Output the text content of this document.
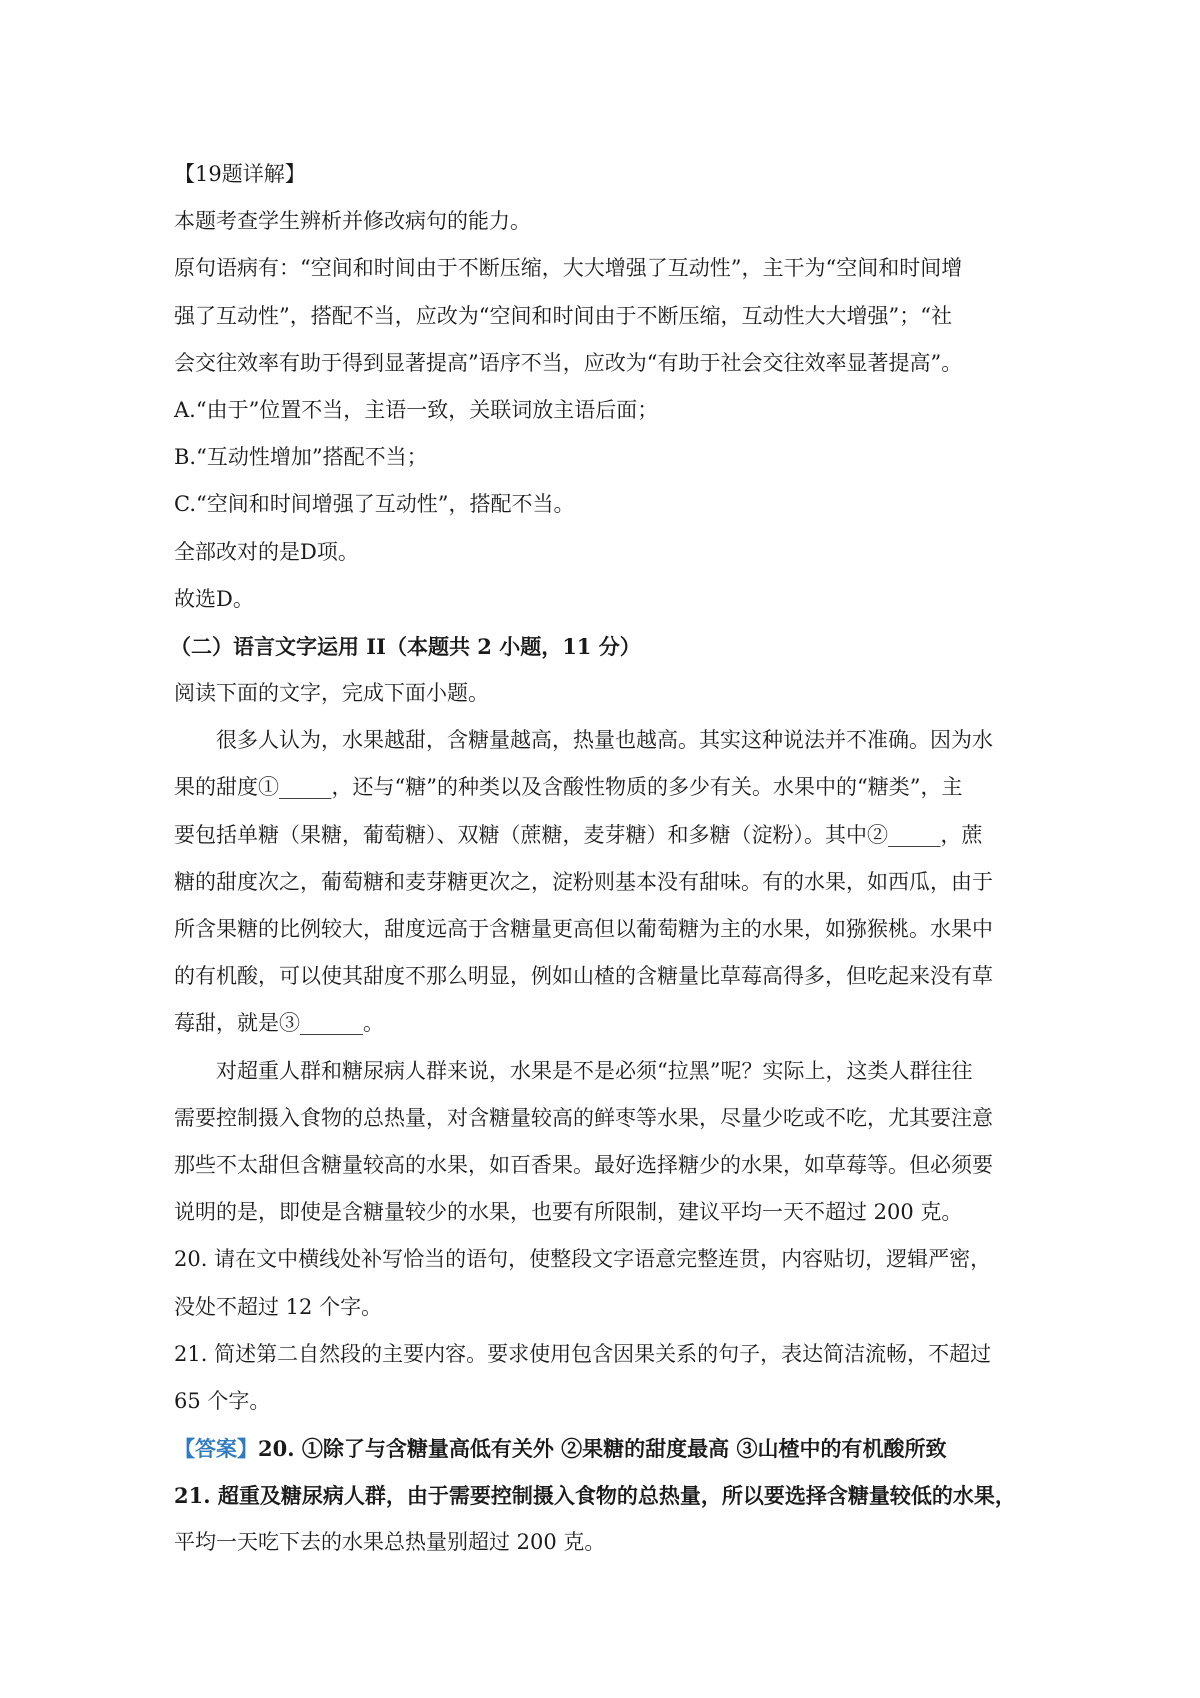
【19题详解】

本题考查学生辨析并修改病句的能力。

原句语病有：“空间和时间由于不断压缩，大大增强了互动性”，主干为“空间和时间增

强了互动性”，搭配不当，应改为“空间和时间由于不断压缩，互动性大大增强”；“社

会交往效率有助于得到显著提高”语序不当，应改为“有助于社会交往效率显著提高”。

A.“由于”位置不当，主语一致，关联词放主语后面；

B.“互动性增加”搭配不当；

C.“空间和时间增强了互动性”，搭配不当。

全部改对的是D项。

故选D。

（二）语言文字运用 II（本题共 2 小题，11 分）

阅读下面的文字，完成下面小题。

很多人认为，水果越甜，含糖量越高，热量也越高。其实这种说法并不准确。因为水

果的甜度①_____，还与“糖”的种类以及含酸性物质的多少有关。水果中的“糖类”，主

要包括单糖（果糖，葡萄糖）、双糖（蔗糖，麦芽糖）和多糖（淀粉）。其中②_____，蔗

糖的甜度次之，葡萄糖和麦芽糖更次之，淀粉则基本没有甜味。有的水果，如西瓜，由于

所含果糖的比例较大，甜度远高于含糖量更高但以葡萄糖为主的水果，如猕猴桃。水果中

的有机酸，可以使其甜度不那么明显，例如山楂的含糖量比草莓高得多，但吃起来没有草

莓甜，就是③______。

对超重人群和糖尿病人群来说，水果是不是必须“拉黑”呢？实际上，这类人群往往

需要控制摄入食物的总热量，对含糖量较高的鲜枣等水果，尽量少吃或不吃，尤其要注意

那些不太甜但含糖量较高的水果，如百香果。最好选择糖少的水果，如草莓等。但必须要

说明的是，即使是含糖量较少的水果，也要有所限制，建议平均一天不超过 200 克。

20. 请在文中横线处补写恰当的语句，使整段文字语意完整连贯，内容贴切，逻辑严密，

没处不超过 12 个字。

21. 简述第二自然段的主要内容。要求使用包含因果关系的句子，表达简洁流畅，不超过

65 个字。

【答案】20. ①除了与含糖量高低有关外 ②果糖的甜度最高 ③山楂中的有机酸所致

21. 超重及糖尿病人群，由于需要控制摄入食物的总热量，所以要选择含糖量较低的水果，

平均一天吃下去的水果总热量别超过 200 克。
